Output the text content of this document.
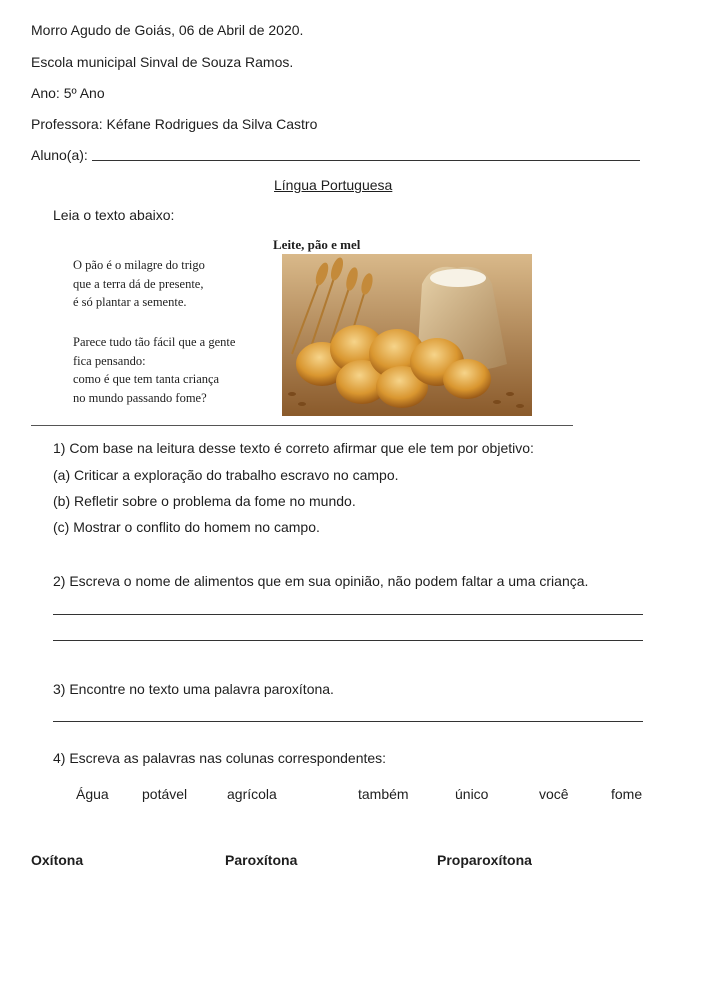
Morro Agudo de Goiás, 06 de Abril de 2020.
Escola municipal Sinval de Souza Ramos.
Ano: 5º Ano
Professora: Kéfane Rodrigues da Silva Castro
Aluno(a):
Língua Portuguesa
Leia o texto abaixo:
Leite, pão e mel
O pão é o milagre do trigo
que a terra dá de presente,
é só plantar a semente.
Parece tudo tão fácil que a gente
fica pensando:
como é que tem tanta criança
no mundo passando fome?
1) Com base na leitura desse texto é correto afirmar que ele tem por objetivo:
(a) Criticar a exploração do trabalho escravo no campo.
(b) Refletir sobre o problema da fome no mundo.
(c) Mostrar o conflito do homem no campo.
2) Escreva o nome de alimentos que em sua opinião, não podem faltar a uma criança.
3) Encontre no texto uma palavra paroxítona.
4) Escreva as palavras nas colunas correspondentes:
Água potável	agrícola	também	único	você	fome
Oxítona	Paroxítona	Proparoxítona
